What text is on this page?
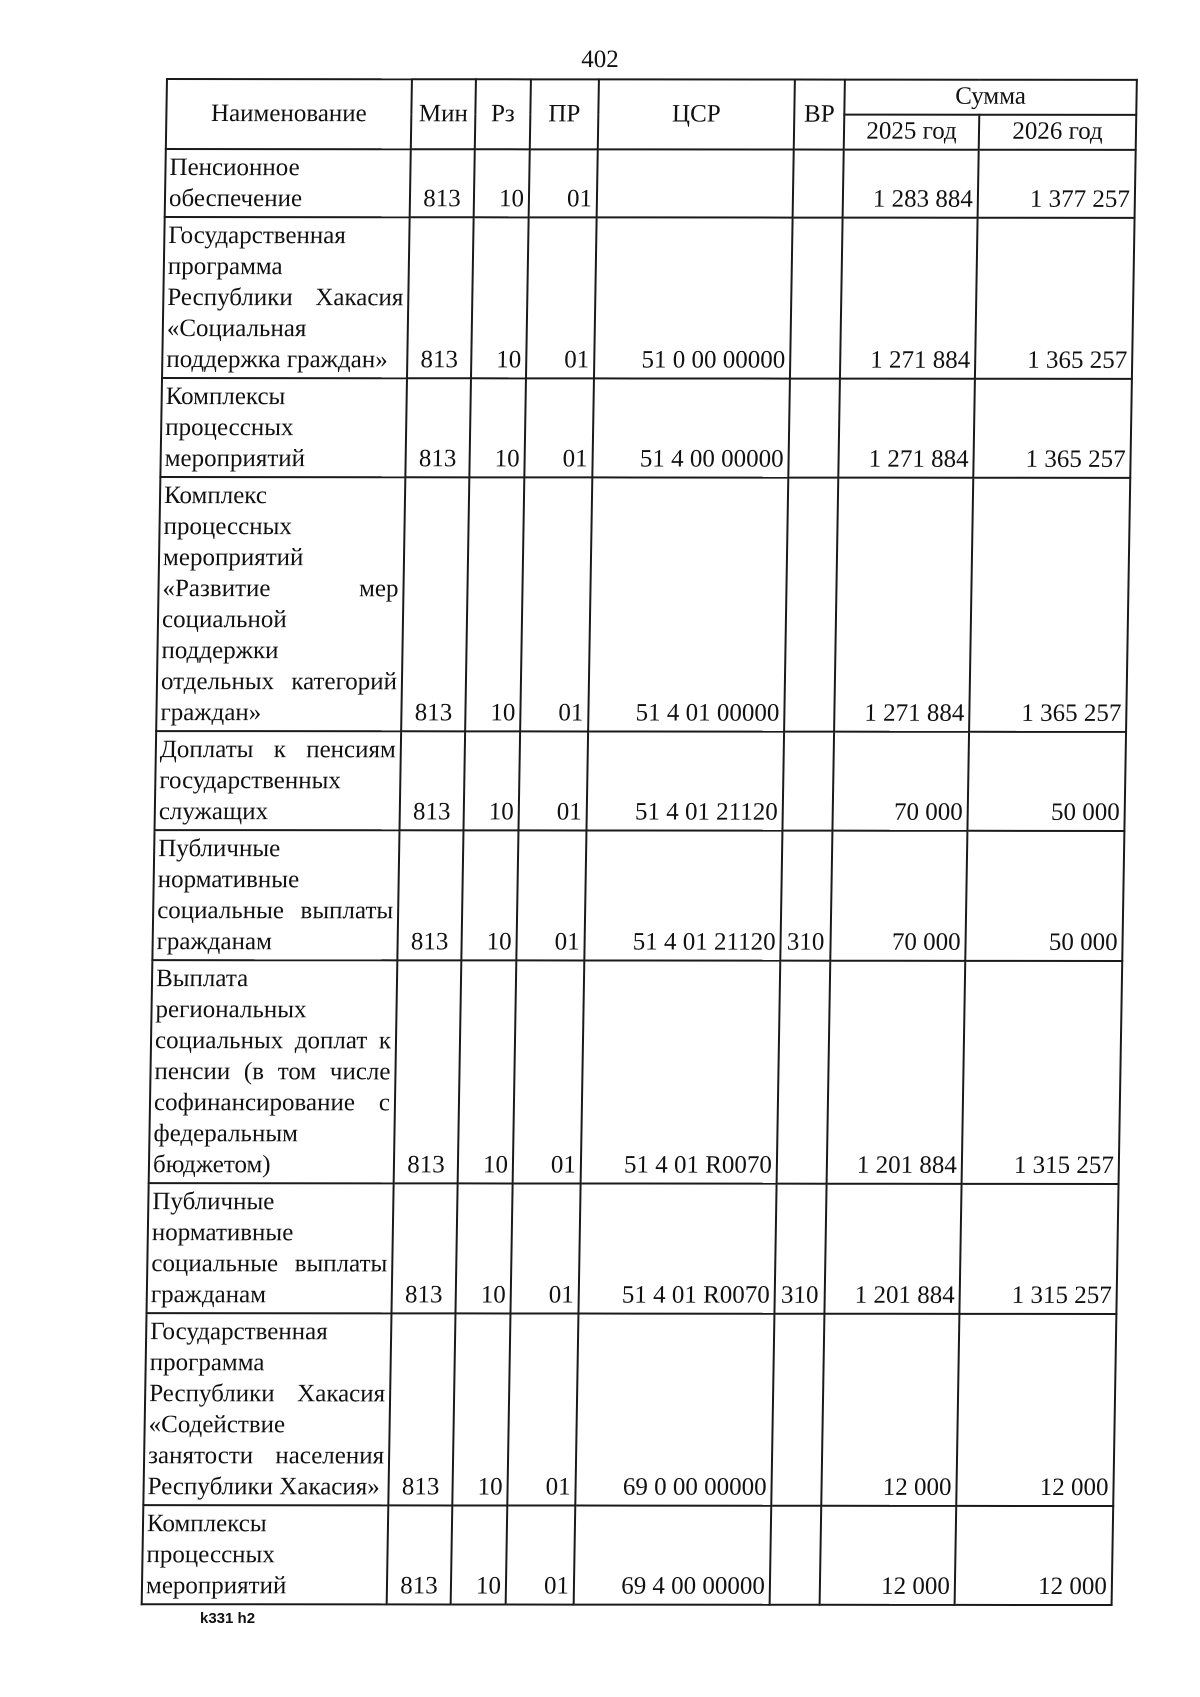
402
Наименование	Мин	Рз	ПР	ЦСР	ВР	Сумма	
						2025 год	2026 год
Пенсионное обеспечение	813	10	01			1 283 884	1 377 257
Государственная программа Республики Хакасия «Социальная поддержка граждан»	813	10	01	51 0 00 00000		1 271 884	1 365 257
Комплексы процессных мероприятий	813	10	01	51 4 00 00000		1 271 884	1 365 257
Комплекс процессных мероприятий «Развитие мер социальной поддержки отдельных категорий граждан»	813	10	01	51 4 01 00000		1 271 884	1 365 257
Доплаты к пенсиям государственных служащих	813	10	01	51 4 01 21120		70 000	50 000
Публичные нормативные социальные выплаты гражданам	813	10	01	51 4 01 21120	310	70 000	50 000
Выплата региональных социальных доплат к пенсии (в том числе софинансирование с федеральным бюджетом)	813	10	01	51 4 01 R0070		1 201 884	1 315 257
Публичные нормативные социальные выплаты гражданам	813	10	01	51 4 01 R0070	310	1 201 884	1 315 257
Государственная программа Республики Хакасия «Содействие занятости населения Республики Хакасия»	813	10	01	69 0 00 00000		12 000	12 000
Комплексы процессных мероприятий	813	10	01	69 4 00 00000		12 000	12 000
k331 h2
